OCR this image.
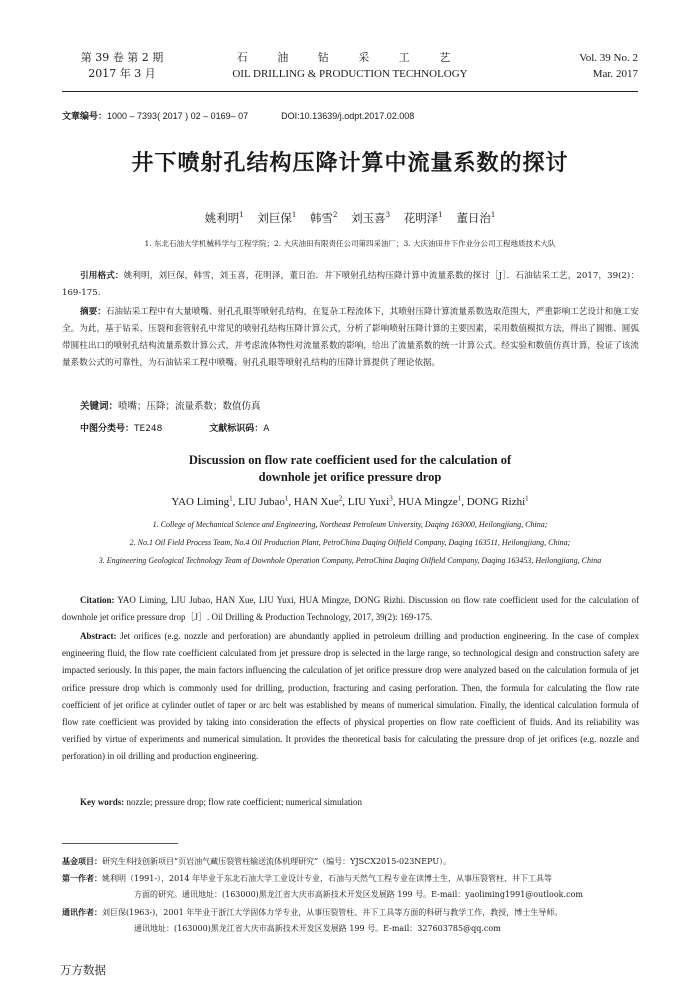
第 39 卷 第 2 期
2017 年 3 月
石 油 钻 采 工 艺
OIL DRILLING & PRODUCTION TECHNOLOGY
Vol. 39 No. 2
Mar. 2017
文章编号：1000 – 7393( 2017 ) 02 – 0169– 07	DOI:10.13639/j.odpt.2017.02.008
井下喷射孔结构压降计算中流量系数的探讨
姚利明$^1$ 刘巨保$^1$ 韩雪$^2$ 刘玉喜$^3$ 花明泽$^1$ 董日治$^1$
1. 东北石油大学机械科学与工程学院；2. 大庆油田有限责任公司第四采油厂；3. 大庆油田井下作业分公司工程地质技术大队
引用格式：姚利明，刘巨保，韩雪，刘玉喜，花明泽，董日治．井下喷射孔结构压降计算中流量系数的探讨［J］．石油钻采工艺，2017，39(2)：169-175.
摘要：石油钻采工程中有大量喷嘴、射孔孔眼等喷射孔结构，在复杂工程流体下，其喷射压降计算流量系数选取范围大，严重影响工艺设计和施工安全。为此，基于钻采、压裂和套管射孔中常见的喷射孔结构压降计算公式，分析了影响喷射压降计算的主要因素，采用数值模拟方法，得出了圆锥、圆弧带圆柱出口的喷射孔结构流量系数计算公式，并考虑流体物性对流量系数的影响，给出了流量系数的统一计算公式。经实验和数值仿真计算，验证了该流量系数公式的可靠性，为石油钻采工程中喷嘴、射孔孔眼等喷射孔结构的压降计算提供了理论依据。
关键词：喷嘴；压降；流量系数；数值仿真
中图分类号：TE248	文献标识码：A
Discussion on flow rate coefficient used for the calculation of
downhole jet orifice pressure drop
YAO Liming$^1$, LIU Jubao$^1$, HAN Xue$^2$, LIU Yuxi$^3$, HUA Mingze$^1$, DONG Rizhi$^1$
1. College of Mechanical Science and Engineering, Northeast Petroleum University, Daqing 163000, Heilongjiang, China;
2. No.1 Oil Field Process Team, No.4 Oil Production Plant, PetroChina Daqing Oilfield Company, Daqing 163511, Heilongjiang, China;
3. Engineering Geological Technology Team of Downhole Operation Company, PetroChina Daqing Oilfield Company, Daqing 163453, Heilongjiang, China
Citation: YAO Liming, LIU Jubao, HAN Xue, LIU Yuxi, HUA Mingze, DONG Rizhi. Discussion on flow rate coefficient used for the calculation of downhole jet orifice pressure drop［J］. Oil Drilling & Production Technology, 2017, 39(2): 169-175.
Abstract: Jet orifices (e.g. nozzle and perforation) are abundantly applied in petroleum drilling and production engineering. In the case of complex engineering fluid, the flow rate coefficient calculated from jet pressure drop is selected in the large range, so technological design and construction safety are impacted seriously. In this paper, the main factors influencing the calculation of jet orifice pressure drop were analyzed based on the calculation formula of jet orifice pressure drop which is commonly used for drilling, production, fracturing and casing perforation. Then, the formula for calculating the flow rate coefficient of jet orifice at cylinder outlet of taper or arc belt was established by means of numerical simulation. Finally, the identical calculation formula of flow rate coefficient was provided by taking into consideration the effects of physical properties on flow rate coefficient of fluids. And its reliability was verified by virtue of experiments and numerical simulation. It provides the theoretical basis for calculating the pressure drop of jet orifices (e.g. nozzle and perforation) in oil drilling and production engineering.
Key words: nozzle; pressure drop; flow rate coefficient; numerical simulation
基金项目：研究生科技创新项目“页岩油气藏压裂管柱输送流体机理研究”（编号：YJSCX2015-023NEPU）。
第一作者：姚利明（1991-），2014 年毕业于东北石油大学工业设计专业，石油与天然气工程专业在读博士生，从事压裂管柱、井下工具等
方面的研究。通讯地址：(163000)黑龙江省大庆市高新技术开发区发展路 199 号。E-mail：yaoliming1991@outlook.com
通讯作者：刘巨保(1963-)，2001 年毕业于浙江大学固体力学专业，从事压裂管柱、井下工具等方面的科研与教学工作，教授，博士生导师。
通讯地址：(163000)黑龙江省大庆市高新技术开发区发展路 199 号。E-mail：327603785@qq.com
万方数据
